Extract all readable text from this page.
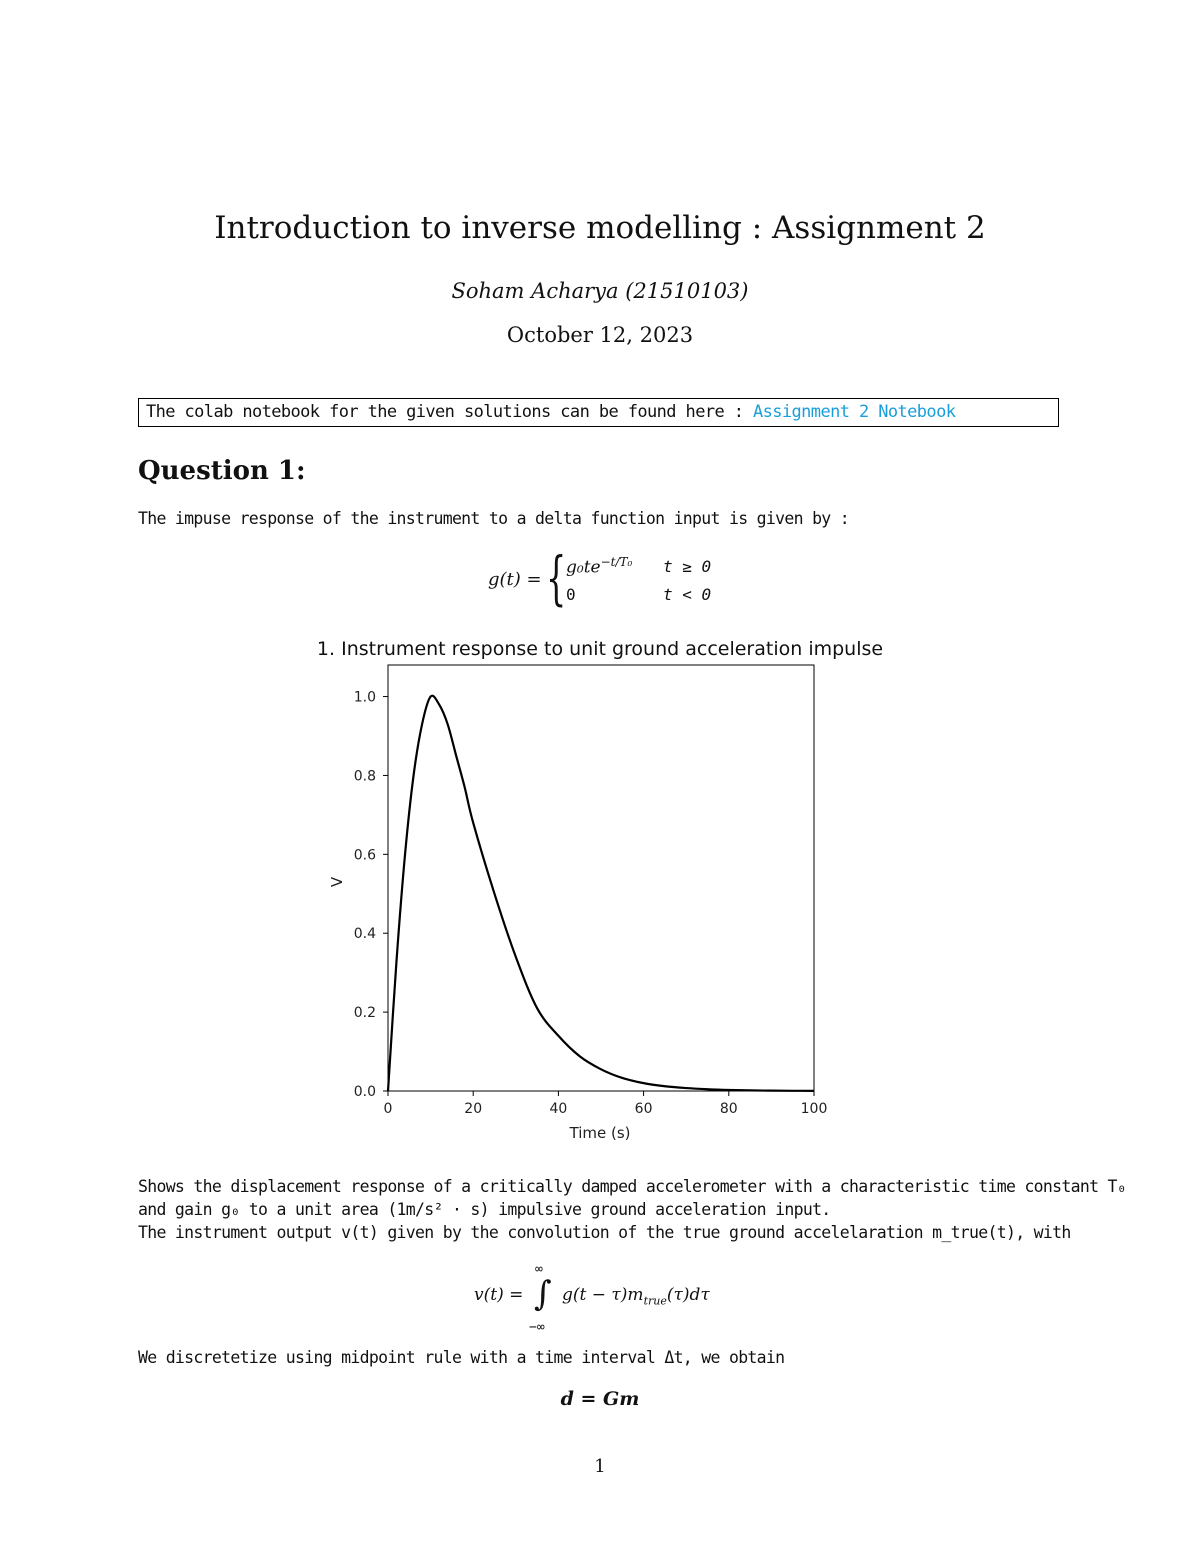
Introduction to inverse modelling : Assignment 2
Soham Acharya (21510103)
October 12, 2023
The colab notebook for the given solutions can be found here : Assignment 2 Notebook
Question 1:
The impuse response of the instrument to a delta function input is given by :
g(t) = { $g_0te^{-t/T_0}$ t ≥ 0
0	t < 0
1. Instrument response to unit ground acceleration impulse
0	20	40	60	80	100
0.0
0.2
0.4
0.6
0.8
1.0
Time (s)
V
Shows the displacement response of a critically damped accelerometer with a characteristic time constant T₀
and gain g₀ to a unit area (1m/s² · s) impulsive ground acceleration input.
The instrument output v(t) given by the convolution of the true ground accelelaration m_true(t), with
v(t) =
∞
∫
−∞
$g(t - \tau)m_{true}(\tau)d\tau$
We discretetize using midpoint rule with a time interval Δt, we obtain
d = Gm
1
